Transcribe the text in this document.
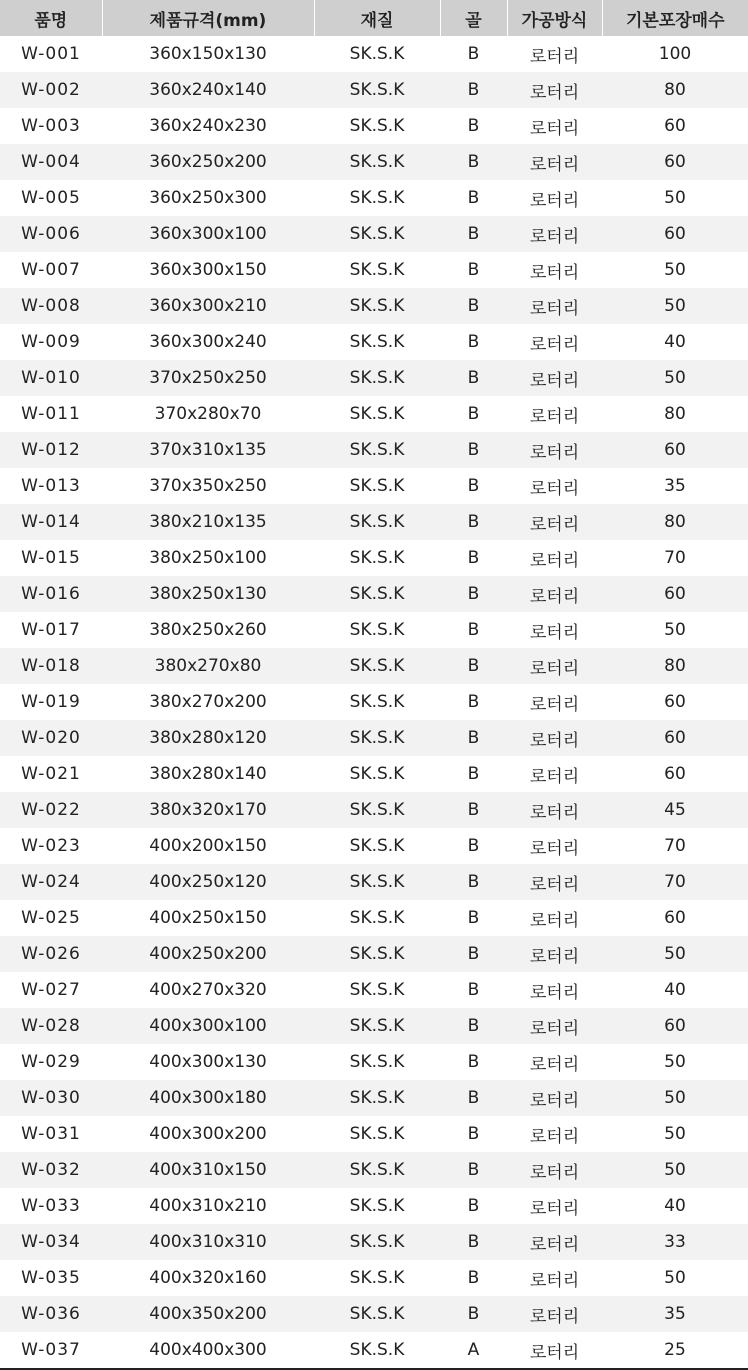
품명	제품규격(mm)	재질	골	가공방식	기본포장매수
W-001	360x150x130	SK.S.K	B	로터리	100
W-002	360x240x140	SK.S.K	B	로터리	80
W-003	360x240x230	SK.S.K	B	로터리	60
W-004	360x250x200	SK.S.K	B	로터리	60
W-005	360x250x300	SK.S.K	B	로터리	50
W-006	360x300x100	SK.S.K	B	로터리	60
W-007	360x300x150	SK.S.K	B	로터리	50
W-008	360x300x210	SK.S.K	B	로터리	50
W-009	360x300x240	SK.S.K	B	로터리	40
W-010	370x250x250	SK.S.K	B	로터리	50
W-011	370x280x70	SK.S.K	B	로터리	80
W-012	370x310x135	SK.S.K	B	로터리	60
W-013	370x350x250	SK.S.K	B	로터리	35
W-014	380x210x135	SK.S.K	B	로터리	80
W-015	380x250x100	SK.S.K	B	로터리	70
W-016	380x250x130	SK.S.K	B	로터리	60
W-017	380x250x260	SK.S.K	B	로터리	50
W-018	380x270x80	SK.S.K	B	로터리	80
W-019	380x270x200	SK.S.K	B	로터리	60
W-020	380x280x120	SK.S.K	B	로터리	60
W-021	380x280x140	SK.S.K	B	로터리	60
W-022	380x320x170	SK.S.K	B	로터리	45
W-023	400x200x150	SK.S.K	B	로터리	70
W-024	400x250x120	SK.S.K	B	로터리	70
W-025	400x250x150	SK.S.K	B	로터리	60
W-026	400x250x200	SK.S.K	B	로터리	50
W-027	400x270x320	SK.S.K	B	로터리	40
W-028	400x300x100	SK.S.K	B	로터리	60
W-029	400x300x130	SK.S.K	B	로터리	50
W-030	400x300x180	SK.S.K	B	로터리	50
W-031	400x300x200	SK.S.K	B	로터리	50
W-032	400x310x150	SK.S.K	B	로터리	50
W-033	400x310x210	SK.S.K	B	로터리	40
W-034	400x310x310	SK.S.K	B	로터리	33
W-035	400x320x160	SK.S.K	B	로터리	50
W-036	400x350x200	SK.S.K	B	로터리	35
W-037	400x400x300	SK.S.K	A	로터리	25
